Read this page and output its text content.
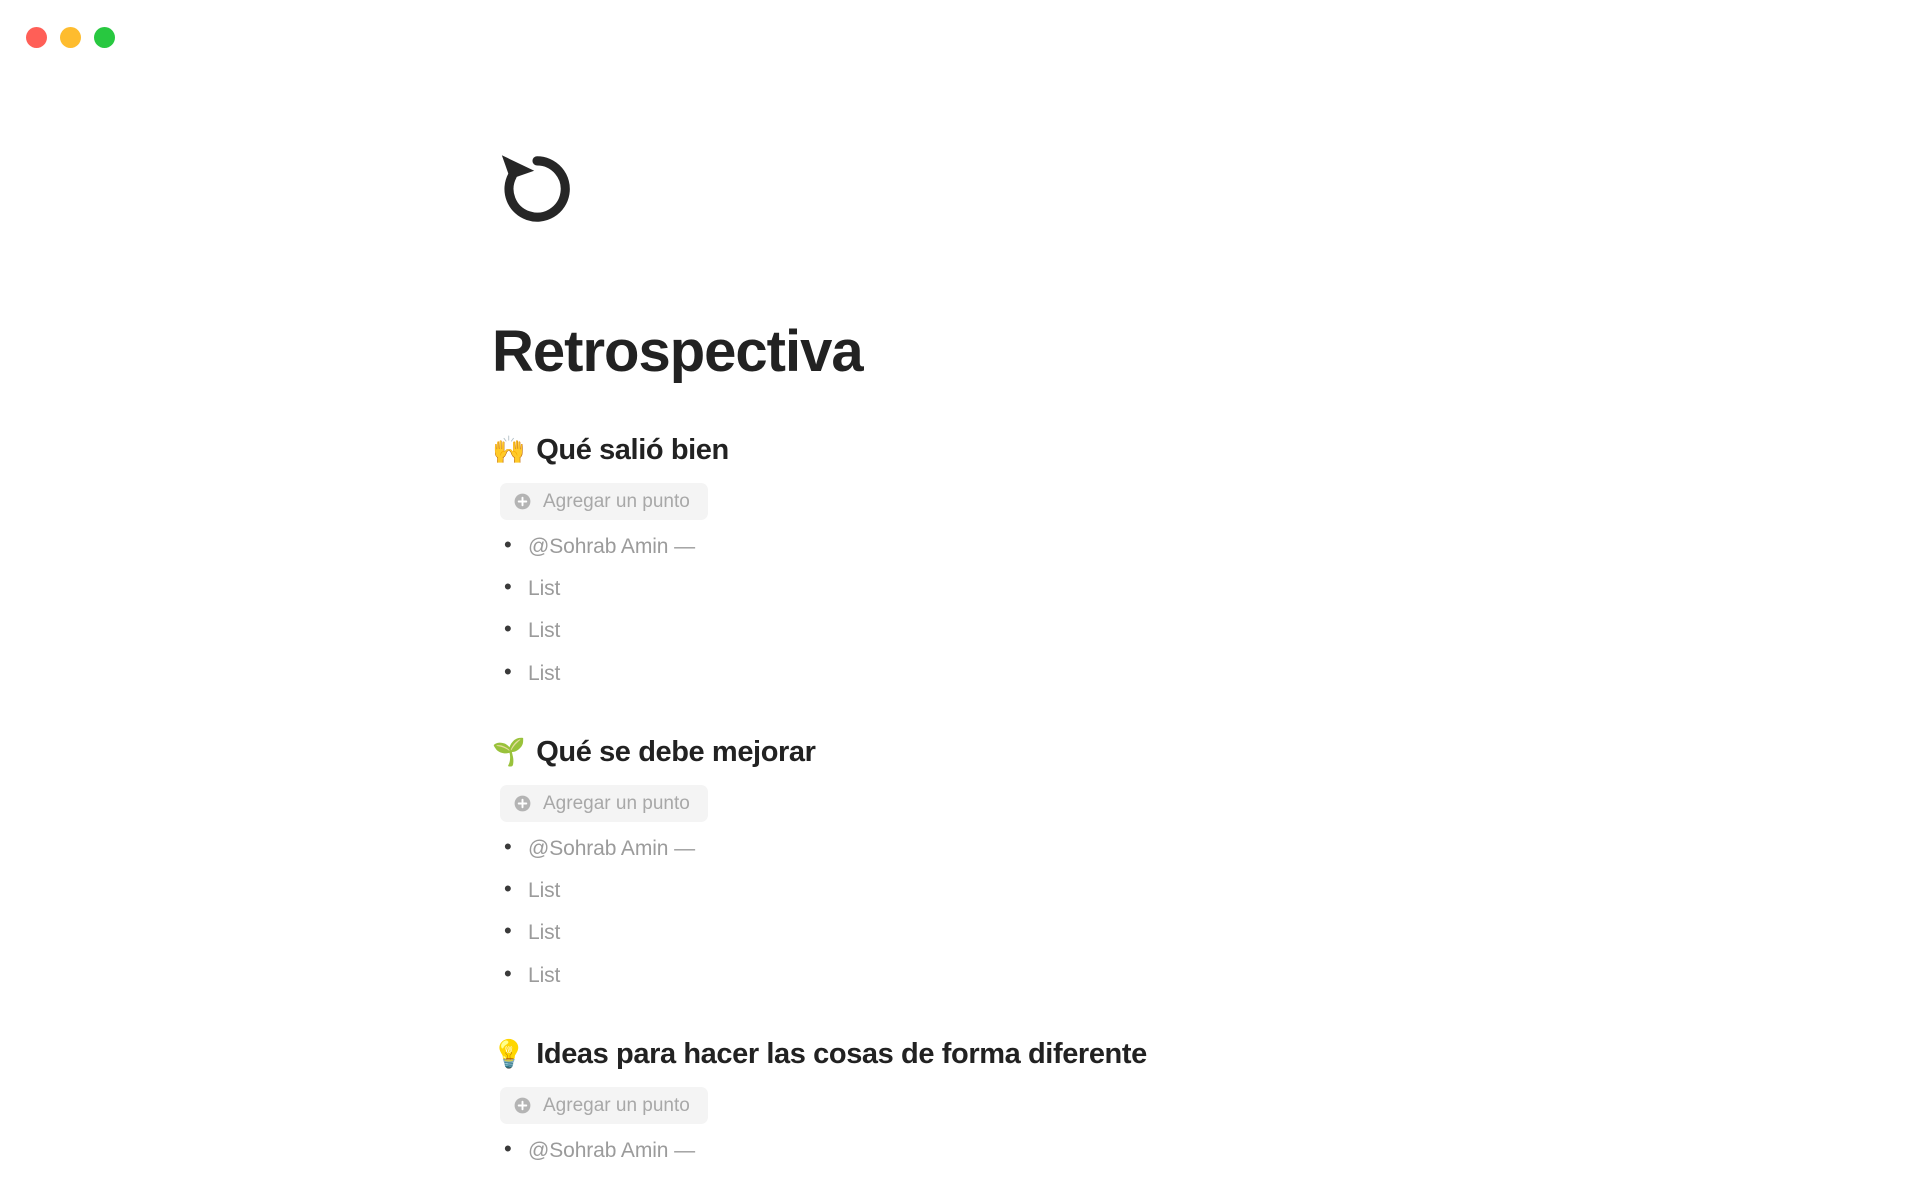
Retrospectiva
🙌 Qué salió bien
Agregar un punto
• @Sohrab Amin —
• List
• List
• List
🌱 Qué se debe mejorar
Agregar un punto
• @Sohrab Amin —
• List
• List
• List
💡 Ideas para hacer las cosas de forma diferente
Agregar un punto
• @Sohrab Amin —
